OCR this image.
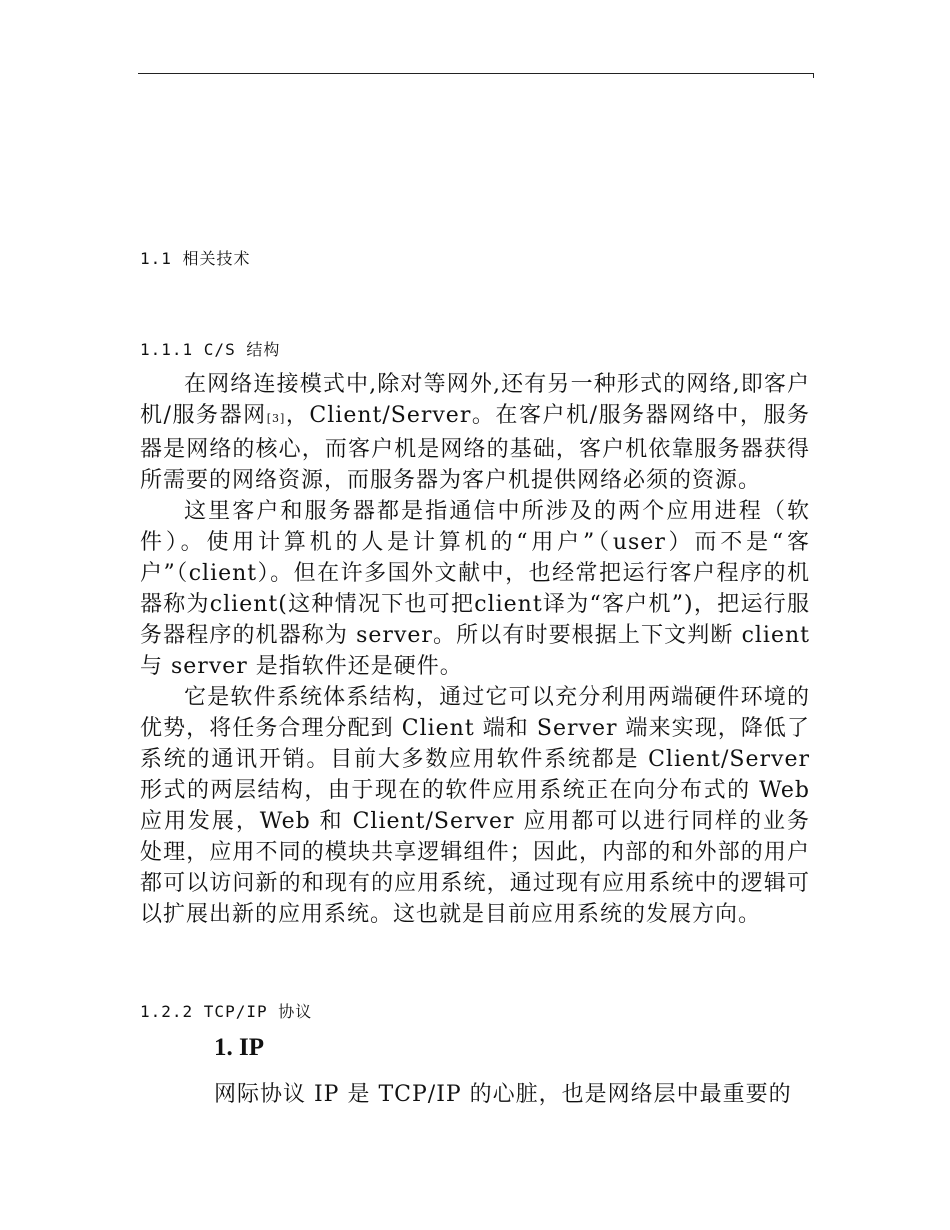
1.1 相关技术
1.1.1 C/S 结构

在网络连接模式中,除对等网外,还有另一种形式的网络,即客户机/服务器网[3]，Client/Server。在客户机/服务器网络中，服务器是网络的核心，而客户机是网络的基础，客户机依靠服务器获得所需要的网络资源，而服务器为客户机提供网络必须的资源。

这里客户和服务器都是指通信中所涉及的两个应用进程（软件）。使用计算机的人是计算机的“用户”（user）而不是“客户”（client）。但在许多国外文献中，也经常把运行客户程序的机器称为client(这种情况下也可把client译为“客户机”)，把运行服务器程序的机器称为 server。所以有时要根据上下文判断 client 与 server 是指软件还是硬件。

它是软件系统体系结构，通过它可以充分利用两端硬件环境的优势，将任务合理分配到 Client 端和 Server 端来实现，降低了系统的通讯开销。目前大多数应用软件系统都是 Client/Server 形式的两层结构，由于现在的软件应用系统正在向分布式的 Web 应用发展，Web 和 Client/Server 应用都可以进行同样的业务处理，应用不同的模块共享逻辑组件；因此，内部的和外部的用户都可以访问新的和现有的应用系统，通过现有应用系统中的逻辑可以扩展出新的应用系统。这也就是目前应用系统的发展方向。

1.2.2 TCP/IP 协议
1. IP
网际协议 IP 是 TCP/IP 的心脏，也是网络层中最重要的
